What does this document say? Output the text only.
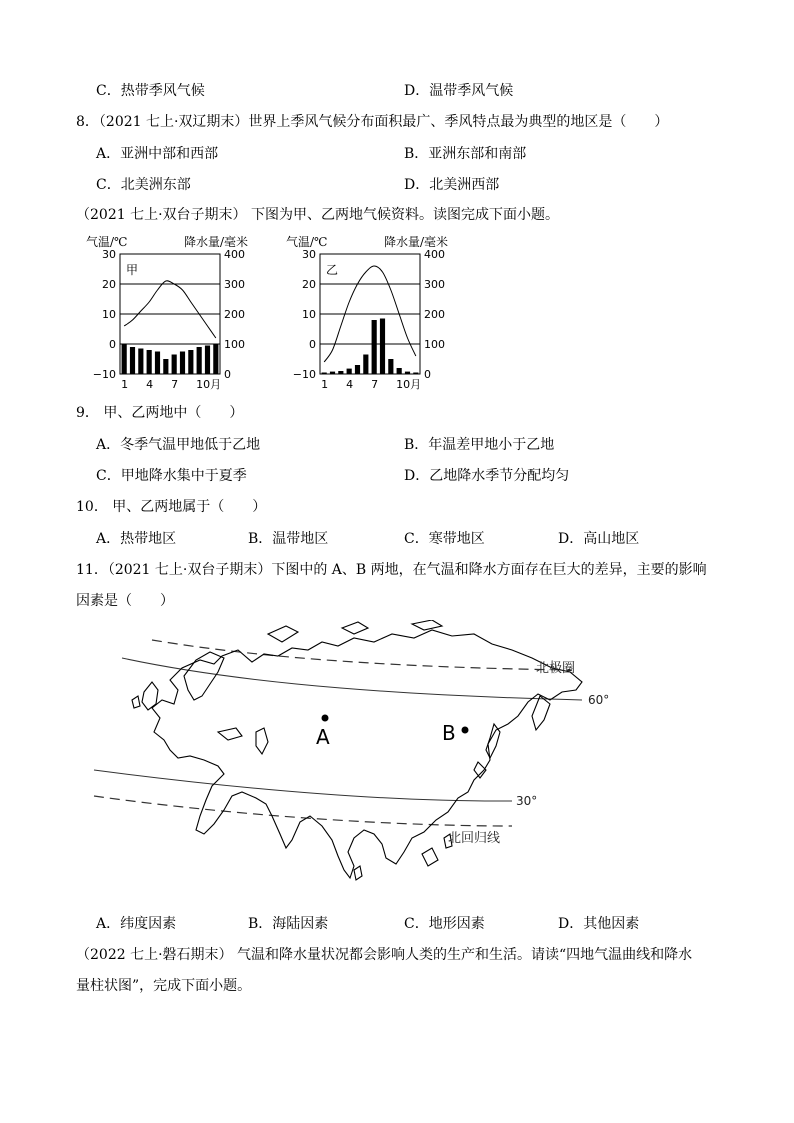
C．热带季风气候	D．温带季风气候
8．（2021 七上·双辽期末）世界上季风气候分布面积最广、季风特点最为典型的地区是（　　）
A．亚洲中部和西部	B．亚洲东部和南部
C．北美洲东部	D．北美洲西部
（2021 七上·双台子期末） 下图为甲、乙两地气候资料。读图完成下面小题。
气温/℃	降水量/毫米
30
20
10
0
−10
400
300
200
100
0
甲
1 4 7 10月
气温/℃	降水量/毫米
30
20
10
0
−10
400
300
200
100
0
乙
1 4 7 10月
9． 甲、乙两地中（　　）
A．冬季气温甲地低于乙地	B．年温差甲地小于乙地
C．甲地降水集中于夏季	D．乙地降水季节分配均匀
10． 甲、乙两地属于（　　）
A．热带地区	B．温带地区	C．寒带地区	D．高山地区
11．（2021 七上·双台子期末）下图中的 A、B 两地，在气温和降水方面存在巨大的差异，主要的影响
因素是（　　）
A	B
北极圈
60°
30°
北回归线
A．纬度因素	B．海陆因素	C．地形因素	D．其他因素
（2022 七上·磐石期末） 气温和降水量状况都会影响人类的生产和生活。请读“四地气温曲线和降水
量柱状图”，完成下面小题。
